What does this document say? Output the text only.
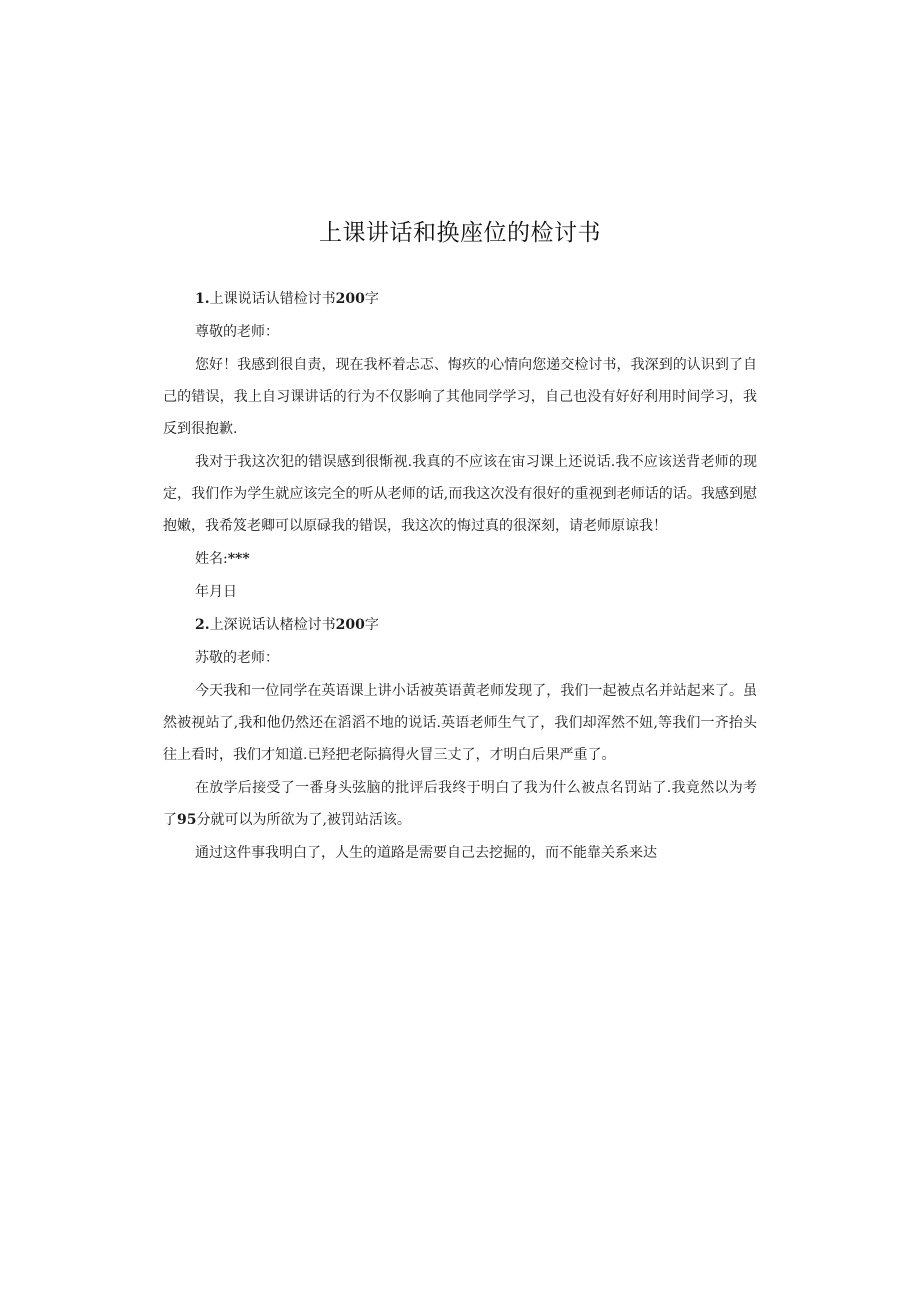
上课讲话和换座位的检讨书

1.上课说话认错检讨书200字

尊敬的老师：

您好！我感到很自责，现在我杯着忐忑、悔疚的心情向您递交检讨书，我深到的认识到了自己的错误，我上自习课讲话的行为不仅影响了其他同学学习，自己也没有好好利用时间学习，我反到很抱歉.

我对于我这次犯的错误感到很惭视.我真的不应该在宙习课上还说话.我不应该送背老师的现定，我们作为学生就应该完全的听从老师的话,而我这次没有很好的重视到老师话的话。我感到慰抱嫩，我希笈老卿可以原碌我的错误，我这次的悔过真的很深刻，请老师原谅我！

姓名:***

年月日

2.上深说话认楮检讨书200字

苏敬的老师：

今天我和一位同学在英语课上讲小话被英语黄老师发现了，我们一起被点名并站起来了。虽然被视站了,我和他仍然还在滔滔不地的说话.英语老师生气了，我们却浑然不妞,等我们一齐抬头往上看时，我们才知道.已羟把老际搞得火冒三丈了，才明白后果严重了。

在放学后接受了一番身头弦脑的批评后我终于明白了我为什么被点名罚站了.我竟然以为考了95分就可以为所欲为了,被罚站活该。

通过这件事我明白了，人生的道路是需要自己去挖掘的，而不能靠关系来达
